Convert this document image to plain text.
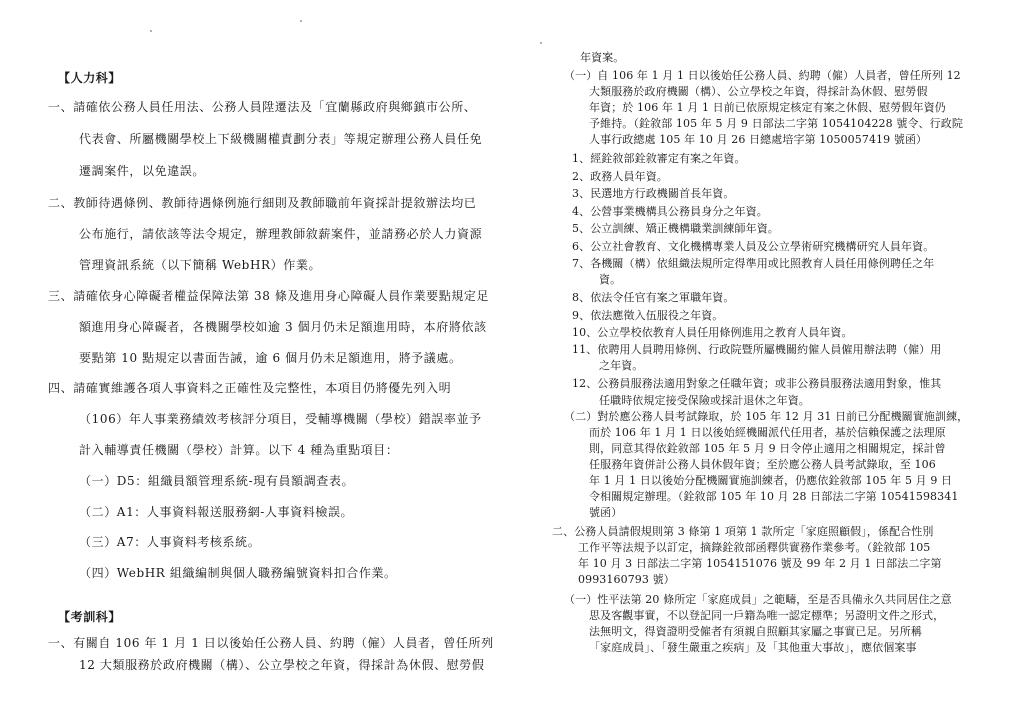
【人力科】
一、請確依公務人員任用法、公務人員陞遷法及「宜蘭縣政府與鄉鎮市公所、
代表會、所屬機關學校上下級機關權責劃分表」等規定辦理公務人員任免
遷調案件，以免違誤。
二、教師待遇條例、教師待遇條例施行細則及教師職前年資採計提敘辦法均已
公布施行，請依該等法令規定，辦理教師敘薪案件，並請務必於人力資源
管理資訊系統（以下簡稱 WebHR）作業。
三、請確依身心障礙者權益保障法第 38 條及進用身心障礙人員作業要點規定足
額進用身心障礙者，各機關學校如逾 3 個月仍未足額進用時，本府將依該
要點第 10 點規定以書面告誡，逾 6 個月仍未足額進用，將予議處。
四、請確實維護各項人事資料之正確性及完整性，本項目仍將優先列入明
（106）年人事業務績效考核評分項目，受輔導機關（學校）錯誤率並予
計入輔導責任機關（學校）計算。以下 4 種為重點項目：
（一）D5：組織員額管理系統-現有員額調查表。
（二）A1：人事資料報送服務網-人事資料檢誤。
（三）A7：人事資料考核系統。
（四）WebHR 組織編制與個人職務編號資料扣合作業。
【考訓科】
一、有關自 106 年 1 月 1 日以後始任公務人員、約聘（僱）人員者，曾任所列
12 大類服務於政府機關（構）、公立學校之年資，得採計為休假、慰勞假
年資案。
（一）自 106 年 1 月 1 日以後始任公務人員、約聘（僱）人員者，曾任所列 12
大類服務於政府機關（構）、公立學校之年資，得採計為休假、慰勞假
年資；於 106 年 1 月 1 日前已依原規定核定有案之休假、慰勞假年資仍
予維持。（銓敘部 105 年 5 月 9 日部法二字第 1054104228 號令、行政院
人事行政總處 105 年 10 月 26 日總處培字第 1050057419 號函）
1、經銓敘部銓敘審定有案之年資。
2、政務人員年資。
3、民選地方行政機關首長年資。
4、公營事業機構具公務員身分之年資。
5、公立訓練、矯正機構職業訓練師年資。
6、公立社會教育、文化機構專業人員及公立學術研究機構研究人員年資。
7、各機關（構）依組織法規所定得準用或比照教育人員任用條例聘任之年
資。
8、依法令任官有案之軍職年資。
9、依法應徵入伍服役之年資。
10、公立學校依教育人員任用條例進用之教育人員年資。
11、依聘用人員聘用條例、行政院暨所屬機關約僱人員僱用辦法聘（僱）用
之年資。
12、公務員服務法適用對象之任職年資；或非公務員服務法適用對象，惟其
任職時依規定接受保險或採計退休之年資。
（二）對於應公務人員考試錄取，於 105 年 12 月 31 日前已分配機關實施訓練，
而於 106 年 1 月 1 日以後始經機關派代任用者，基於信賴保護之法理原
則，同意其得依銓敘部 105 年 5 月 9 日令停止適用之相關規定，採計曾
任服務年資併計公務人員休假年資；至於應公務人員考試錄取，至 106
年 1 月 1 日以後始分配機關實施訓練者，仍應依銓敘部 105 年 5 月 9 日
令相關規定辦理。（銓敘部 105 年 10 月 28 日部法二字第 10541598341
號函）
二、公務人員請假規則第 3 條第 1 項第 1 款所定「家庭照顧假」，係配合性別
工作平等法規予以訂定，摘錄銓敘部函釋供實務作業參考。（銓敘部 105
年 10 月 3 日部法二字第 1054151076 號及 99 年 2 月 1 日部法二字第
0993160793 號）
（一）性平法第 20 條所定「家庭成員」之範疇，至是否具備永久共同居住之意
思及客觀事實，不以登記同一戶籍為唯一認定標準；另證明文件之形式，
法無明文，得資證明受僱者有須親自照顧其家屬之事實已足。另所稱
「家庭成員」、「發生嚴重之疾病」及「其他重大事故」，應依個案事
